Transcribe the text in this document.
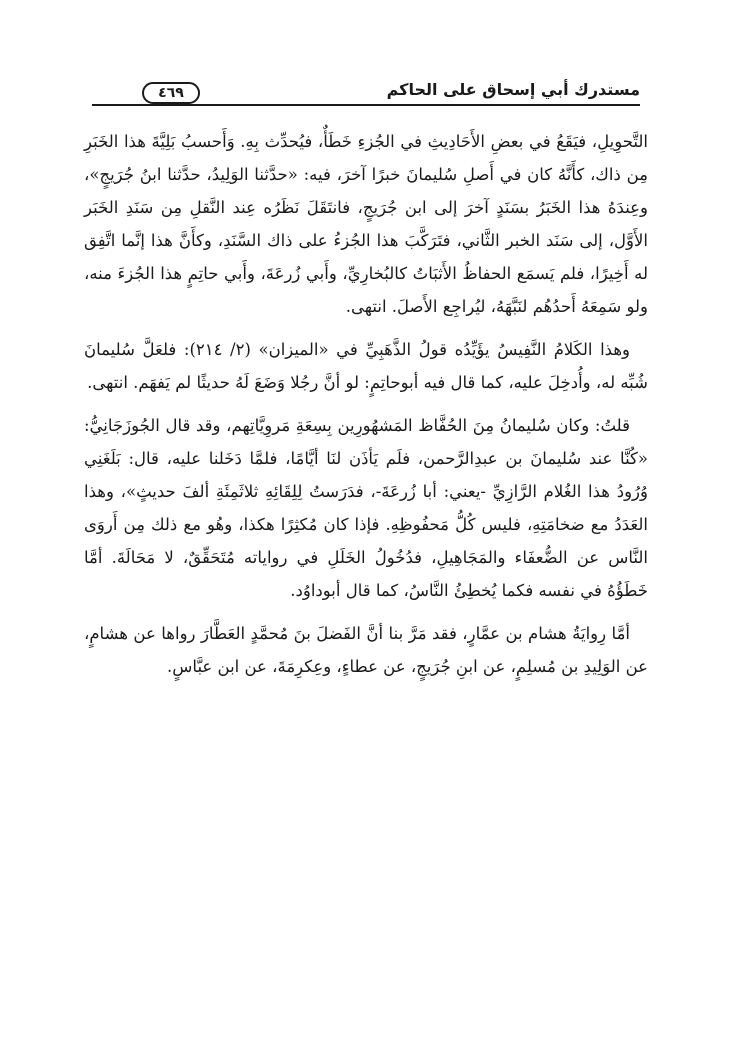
مستدرك أبي إسحاق على الحاكم
٤٦٩

التَّحوِيلِ، فيَقَعُ في بعضِ الأَحَادِيثِ في الجُزءِ خَطَأٌ، فيُحدِّث بِهِ. وَأَحسبُ بَلِيَّةَ هذا الخَبَرِ مِن ذاك، كأَنَّهُ كان في أَصلِ سُليمانَ خبرًا آخرَ، فيه: «حدَّثنا الوَلِيدُ، حدَّثنا ابنُ جُرَيجٍ»، وعِندَهُ هذا الخَبَرُ بسَنَدٍ آخرَ إلى ابن جُرَيجٍ، فانتَقَلَ نَظَرُه عِند النَّقلِ مِن سَنَدِ الخَبَر الأَوَّل، إلى سَنَد الخبر الثَّاني، فتَرَكَّبَ هذا الجُزءُ على ذاك السَّنَدِ، وكأَنَّ هذا إنَّما اتَّفِق له أَخِيرًا، فلم يَسمَع الحفاظُ الأَثبَاتُ كالبُخارِيِّ، وأَبي زُرعَةَ، وأَبي حاتِمٍ هذا الجُزءَ منه، ولو سَمِعَهُ أَحدُهُم لنَبَّهَهُ، ليُراجِع الأَصلَ. انتهى.

وهذا الكَلامُ النَّفِيسُ يؤَيِّدُه قولُ الذَّهَبِيِّ في «الميزان» (٢/ ٢١٤): فلعَلَّ سُليمانَ شُبِّه له، وأُدخِلَ عليه، كما قال فيه أبوحاتِمٍ: لو أنَّ رجُلا وَضَعَ لَهُ حديثًا لم يَفهَم. انتهى.

قلتُ: وكان سُليمانُ مِنَ الحُفَّاظ المَشهُورِين بِسِعَةِ مَروِيَّاتِهم، وقد قال الجُوزَجَانِيُّ: «كُنَّا عند سُليمانَ بن عبدِالرَّحمن، فلَم يَأذَن لنَا أيَّامًا، فلمَّا دَخَلنا عليه، قال: بَلَغَنِي وُرُودُ هذا الغُلام الرَّازِيِّ -يعني: أبا زُرعَةَ-، فدَرَستُ لِلِقَائِهِ ثلاثَمِئَةِ ألفَ حديثٍ»، وهذا العَدَدُ مع ضخامَتِهِ، فليس كُلُّ مَحفُوظِهِ. فإذا كان مُكثِرًا هكذا، وهُو مع ذلك مِن أَروَى النَّاس عن الضُّعفَاء والمَجَاهِيلِ، فدُخُولُ الخَلَلِ في رواياته مُتَحَقِّقٌ، لا مَحَالَةَ. أمَّا خَطَؤُهُ في نفسه فكما يُخطِئُ النَّاسُ، كما قال أبوداوُد.

أمَّا رِوايَةُ هشام بن عمَّارٍ، فقد مَرَّ بنا أنَّ الفَضلَ بنَ مُحمَّدٍ العَطَّارَ رواها عن هشامٍ، عن الوَلِيدِ بن مُسلِمٍ، عن ابنِ جُرَيجٍ، عن عطاءٍ، وعِكرِمَةَ، عن ابن عبَّاسٍ.
